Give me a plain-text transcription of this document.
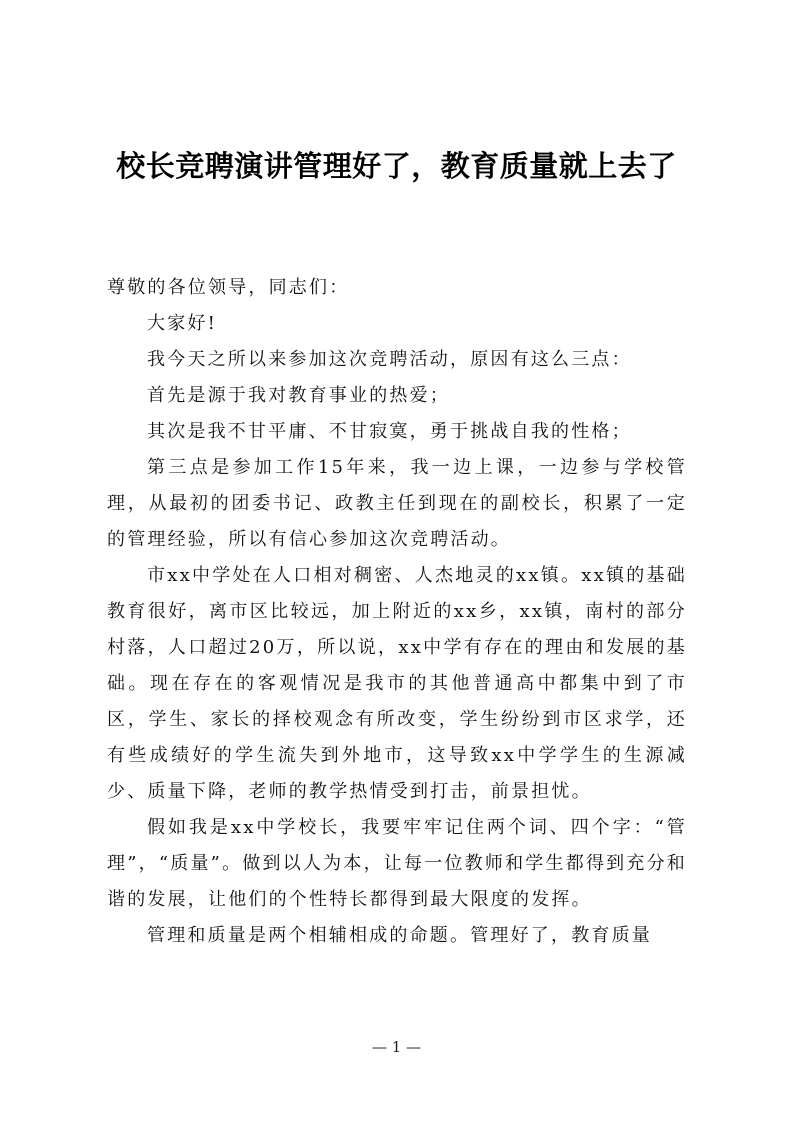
校长竞聘演讲管理好了，教育质量就上去了

尊敬的各位领导，同志们：

大家好!

我今天之所以来参加这次竞聘活动，原因有这么三点：

首先是源于我对教育事业的热爱；

其次是我不甘平庸、不甘寂寞，勇于挑战自我的性格；

第三点是参加工作15年来，我一边上课，一边参与学校管理，从最初的团委书记、政教主任到现在的副校长，积累了一定的管理经验，所以有信心参加这次竞聘活动。

市xx中学处在人口相对稠密、人杰地灵的xx镇。xx镇的基础教育很好，离市区比较远，加上附近的xx乡，xx镇，南村的部分村落，人口超过20万，所以说，xx中学有存在的理由和发展的基础。现在存在的客观情况是我市的其他普通高中都集中到了市区，学生、家长的择校观念有所改变，学生纷纷到市区求学，还有些成绩好的学生流失到外地市，这导致xx中学学生的生源减少、质量下降，老师的教学热情受到打击，前景担忧。

假如我是xx中学校长，我要牢牢记住两个词、四个字：“管理”，“质量”。做到以人为本，让每一位教师和学生都得到充分和谐的发展，让他们的个性特长都得到最大限度的发挥。

管理和质量是两个相辅相成的命题。管理好了，教育质量

— 1 —
